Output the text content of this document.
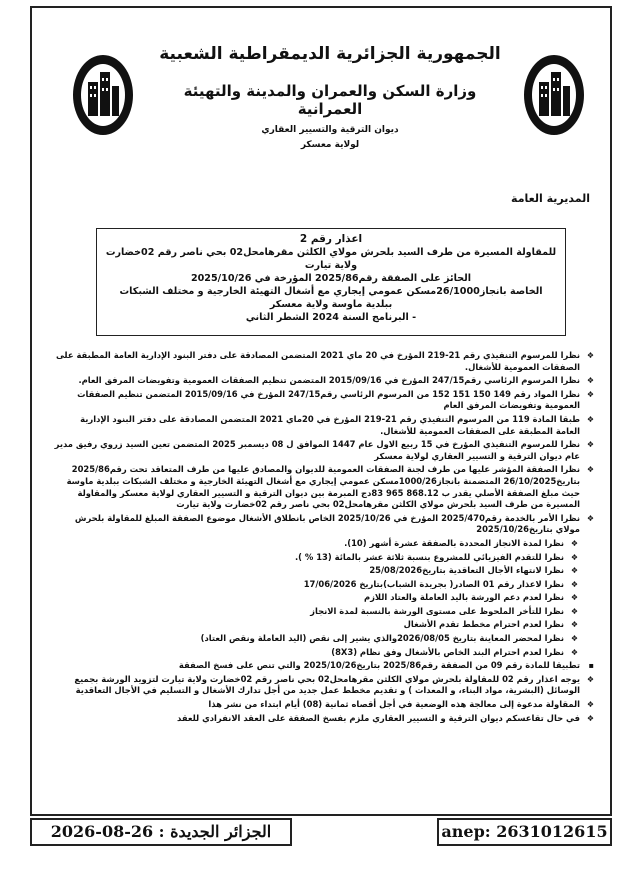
الجمهورية الجزائرية الديمقراطية الشعبية
وزارة السكن والعمران والمدينة والتهيئة العمرانية
ديوان الترقية والتسيير العقاري
لولاية معسكر
المديرية العامة
اعذار رقم 2
للمقاولة المسيرة من طرف السيد بلحرش مولاي الكلثن مقرهامحل02 بحي ناصر رقم 02خضارت ولاية تيارت
الحائز على الصفقة رقم2025/86 المؤرخة في 2025/10/26
الخاصة بانجاز26/1000مسكن عمومي إيجاري مع أشغال التهيئة الخارجية و مختلف الشبكات ببلدية ماوسة ولاية معسكر
- البرنامج السنة 2024 الشطر الثاني
❖
نظرا للمرسوم التنفيذي رقم 21-219 المؤرخ في 20 ماي 2021 المتضمن المصادقة على دفتر البنود الإدارية العامة المطبقة على الصفقات العمومية للأشغال.
❖
نظرا المرسوم الرئاسي رقم247/15 المؤرخ في 2015/09/16 المتضمن تنظيم الصفقات العمومية وتفويضات المرفق العام.
❖
نظرا المواد رقم 149 150 151 152 من المرسوم الرئاسي رقم247/15 المؤرخ في 2015/09/16 المتضمن تنظيم الصفقات العمومية وتفويضات المرفق العام
❖
طبقا المادة 119 من المرسوم التنفيذي رقم 21-219 المؤرخ في 20ماي 2021 المتضمن المصادقة على دفتر البنود الإدارية العامة المطبقة على الصفقات العمومية للأشغال.
❖
نظرا للمرسوم التنفيذي المؤرخ في 15 ربيع الاول عام 1447 الموافق ل 08 ديسمبر 2025 المتضمن تعين السيد زروي رفيق مدير عام ديوان الترقية و التسيير العقاري لولاية معسكر
❖
نظرا الصفقة المؤشر عليها من طرف لجنة الصفقات العمومية للديوان والمصادق عليها من طرف المتعاقد تحت رقم2025/86 بتاريخ26/10/2025 المتضمنة بانجاز1000/26مسكن عمومي إيجاري مع أشغال التهيئة الخارجية و مختلف الشبكات ببلدية ماوسة حيث مبلغ الصفقة الأصلي يقدر ب 868.12 965 83دج المبرمة بين ديوان الترقية و التسيير العقاري لولاية معسكر والمقاولة المسيرة من طرف السيد بلحرش مولاي الكلثن مقرهامحل02 بحي ناصر رقم 02خضارت ولاية تيارت
❖
نظرا الأمر بالخدمة رقم2025/470 المؤرخ في 2025/10/26 الخاص بانطلاق الأشغال موضوع الصفقة المبلغ للمقاولة بلحرش مولاي بتاريخ2025/10/26
❖
نظرا لمدة الانجاز المحددة بالصفقة عشرة أشهر (10).
❖
نظرا للتقدم الفيزيائي للمشروع بنسبة ثلاثة عشر بالمائة (13 % ).
❖
نظرا لانتهاء الأجال التعاقدية بتاريخ25/08/2026
❖
نظرا لاعذار رقم 01 الصادر( بجريدة الشباب)بتاريخ 17/06/2026
❖
نظرا لعدم دعم الورشة باليد العاملة والعتاد اللازم
❖
نظرا للتأخر الملحوظ على مستوى الورشة بالنسبة لمدة الانجاز
❖
نظرا لعدم احترام مخطط تقدم الأشغال
❖
نظرا لمحضر المعاينة بتاريخ 2026/08/05والذي يشير إلى نقص (اليد العاملة ونقص العتاد)
❖
نظرا لعدم احترام البند الخاص بالأشغال وفق نظام (8X3)
▪
تطبيقا للمادة رقم 09 من الصفقة رقم2025/86 بتاريخ2025/10/26 والتي تنص على فسخ الصفقة
❖
يوجه اعذار رقم 02 للمقاولة بلحرش مولاي الكلثن مقرهامحل02 بحي ناصر رقم 02خضارت ولاية تيارت لتزويد الورشة بجميع الوسائل (البشرية، مواد البناء، و المعدات ) و تقديم مخطط عمل جديد من أجل تدارك الأشغال و التسليم في الأجال التعاقدية
❖
المقاولة مدعوة إلى معالجة هذه الوضعية في أجل أقصاه ثمانية (08) أيام ابتداء من نشر هذا
❖
في حال تقاعسكم ديوان الترقية و التسيير العقاري ملزم بفسخ الصفقة على العقد الانفرادي للعقد
الجزائر الجديدة : 26-08-2026	anep: 2631012615
